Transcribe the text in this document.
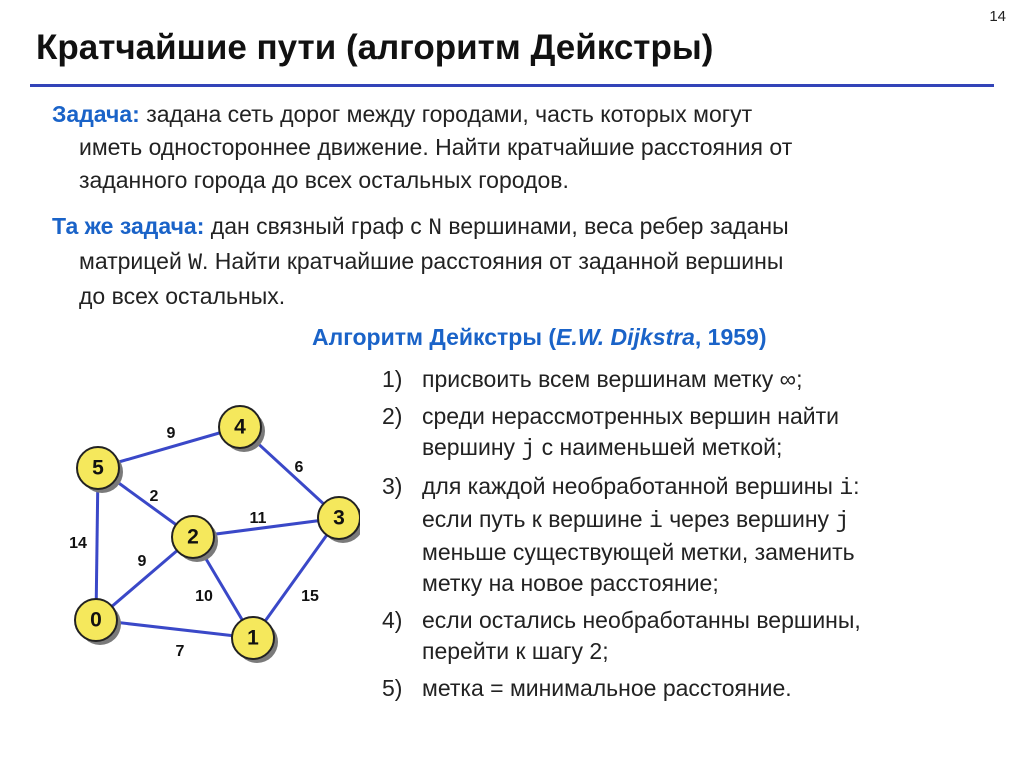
14
Кратчайшие пути (алгоритм Дейкстры)
Задача: задана сеть дорог между городами, часть которых могут
иметь одностороннее движение. Найти кратчайшие расстояния от
заданного города до всех остальных городов.
Та же задача: дан связный граф с N вершинами, веса ребер заданы
матрицей W. Найти кратчайшие расстояния от заданной вершины
до всех остальных.
Алгоритм Дейкстры (E.W. Dijkstra, 1959)
1) присвоить всем вершинам метку ∞;
2) среди нерассмотренных вершин найти
вершину j с наименьшей меткой;
3) для каждой необработанной вершины i:
если путь к вершине i через вершину j
меньше существующей метки, заменить
метку на новое расстояние;
4) если остались необработанны вершины,
перейти к шагу 2;
5) метка = минимальное расстояние.
9
6
2
11
14
9
10	15
7
0
1
2
3
4
5
